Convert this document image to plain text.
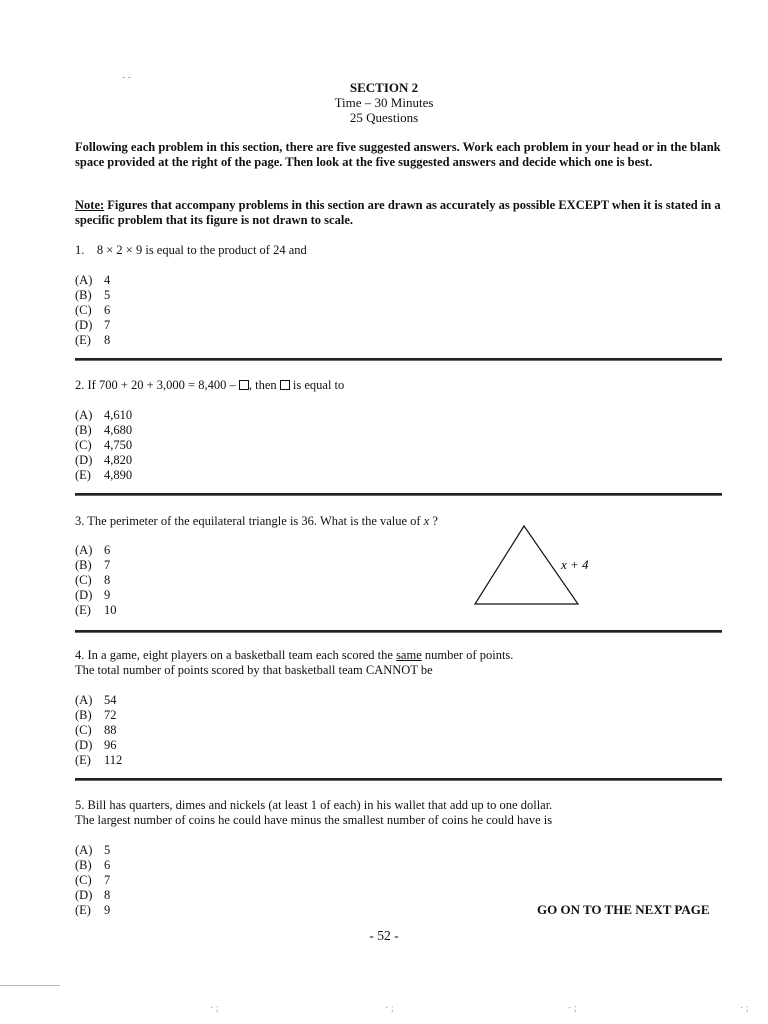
- -
SECTION 2
Time – 30 Minutes
25 Questions
Following each problem in this section, there are five suggested answers. Work each problem in your head or in the blank space provided at the right of the page. Then look at the five suggested answers and decide which one is best.
Note: Figures that accompany problems in this section are drawn as accurately as possible EXCEPT when it is stated in a specific problem that its figure is not drawn to scale.
1.    8 × 2 × 9 is equal to the product of 24 and
(A) 4
(B) 5
(C) 6
(D) 7
(E) 8
2. If 700 + 20 + 3,000 = 8,400 – , then  is equal to
(A) 4,610
(B) 4,680
(C) 4,750
(D) 4,820
(E) 4,890
3. The perimeter of the equilateral triangle is 36. What is the value of x ?
(A) 6
(B) 7
(C) 8
(D) 9
(E) 10
x + 4
4. In a game, eight players on a basketball team each scored the same number of points.
The total number of points scored by that basketball team CANNOT be
(A) 54
(B) 72
(C) 88
(D) 96
(E) 112
5. Bill has quarters, dimes and nickels (at least 1 of each) in his wallet that add up to one dollar.
The largest number of coins he could have minus the smallest number of coins he could have is
(A) 5
(B) 6
(C) 7
(D) 8
(E) 9	GO ON TO THE NEXT PAGE
- 52 -
· ;	· ;	· ;	· ;
